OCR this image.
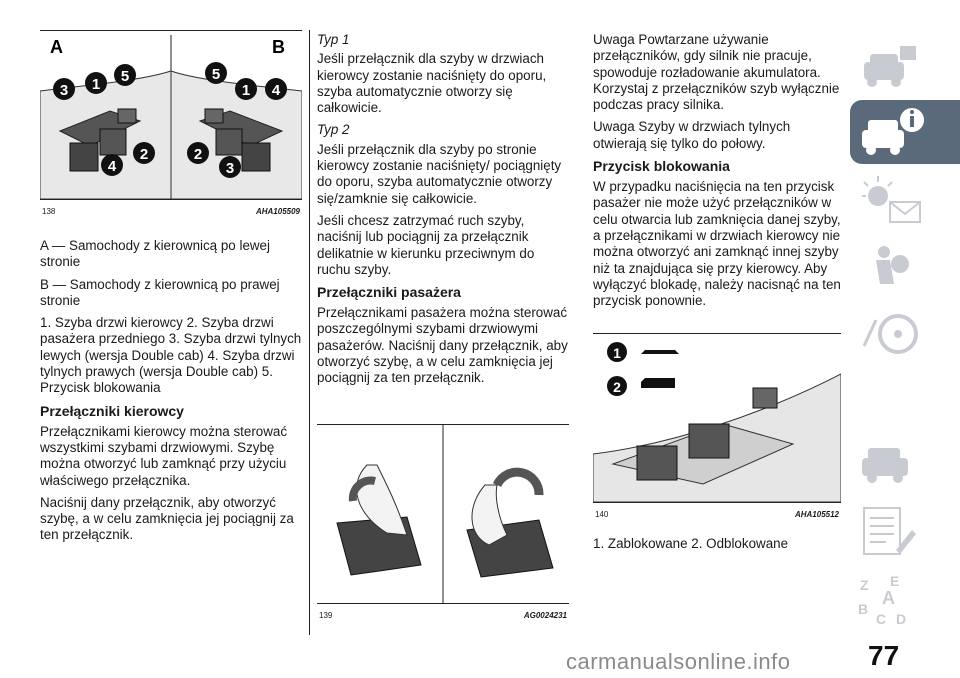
A	B
3 1 5
4
2
5
1 4
2
3
138	AHA105509

A — Samochody z kierownicą po lewej stronie

B — Samochody z kierownicą po prawej stronie

1. Szyba drzwi kierowcy 2. Szyba drzwi pasażera przedniego 3. Szyba drzwi tylnych lewych (wersja Double cab) 4. Szyba drzwi tylnych prawych (wersja Double cab) 5. Przycisk blokowania

Przełączniki kierowcy

Przełącznikami kierowcy można sterować wszystkimi szybami drzwiowymi. Szybę można otworzyć lub zamknąć przy użyciu właściwego przełącznika.

Naciśnij dany przełącznik, aby otworzyć szybę, a w celu zamknięcia jej pociągnij za ten przełącznik.

Typ 1

Jeśli przełącznik dla szyby w drzwiach kierowcy zostanie naciśnięty do oporu, szyba automatycznie otworzy się całkowicie.

Typ 2

Jeśli przełącznik dla szyby po stronie kierowcy zostanie naciśnięty/ pociągnięty do oporu, szyba automatycznie otworzy się/zamknie się całkowicie.

Jeśli chcesz zatrzymać ruch szyby, naciśnij lub pociągnij za przełącznik delikatnie w kierunku przeciwnym do ruchu szyby.

Przełączniki pasażera

Przełącznikami pasażera można sterować poszczególnymi szybami drzwiowymi pasażerów. Naciśnij dany przełącznik, aby otworzyć szybę, a w celu zamknięcia jej pociągnij za ten przełącznik.

139	AG0024231

Uwaga Powtarzane używanie przełączników, gdy silnik nie pracuje, spowoduje rozładowanie akumulatora. Korzystaj z przełączników szyb wyłącznie podczas pracy silnika.

Uwaga Szyby w drzwiach tylnych otwierają się tylko do połowy.

Przycisk blokowania

W przypadku naciśnięcia na ten przycisk pasażer nie może użyć przełączników w celu otwarcia lub zamknięcia danej szyby,
a przełącznikami w drzwiach kierowcy nie można otworzyć ani zamknąć innej szyby niż ta znajdująca się przy kierowcy. Aby wyłączyć blokadę, należy nacisnąć na ten przycisk ponownie.

1
2
140	AHA105512

1. Zablokowane 2. Odblokowane

Z E
B
C D
A
77
carmanualsonline.info
